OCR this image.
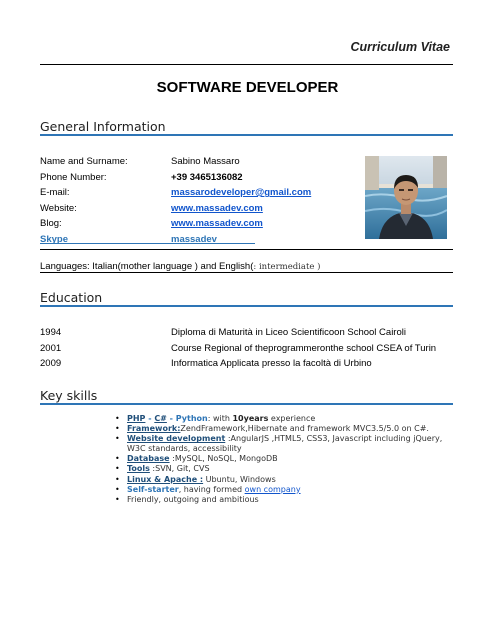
Curriculum Vitae
SOFTWARE DEVELOPER
General Information
Name and Surname:	Sabino Massaro
Phone Number:	+39 3465136082
E-mail:	massarodeveloper@gmail.com
Website:	www.massadev.com
Blog:	www.massadev.com
Skype	massadev
Languages: Italian(mother language ) and English(: intermediate )
Education
1994	Diploma di Maturità in Liceo Scientificoon School Cairoli
2001	Course Regional of theprogrammeronthe school CSEA of Turin
2009	Informatica Applicata presso la facoltà di Urbino
Key skills
• PHP - C# - Python: with 10years experience
• Framework:ZendFramework,Hibernate and framework MVC3.5/5.0 on C#.
• Website development :AngularJS ,HTML5, CSS3, Javascript including jQuery, W3C standards, accessibility
• Database :MySQL, NoSQL, MongoDB
• Tools :SVN, Git, CVS
• Linux & Apache : Ubuntu, Windows
• Self-starter, having formed own company
• Friendly, outgoing and ambitious
